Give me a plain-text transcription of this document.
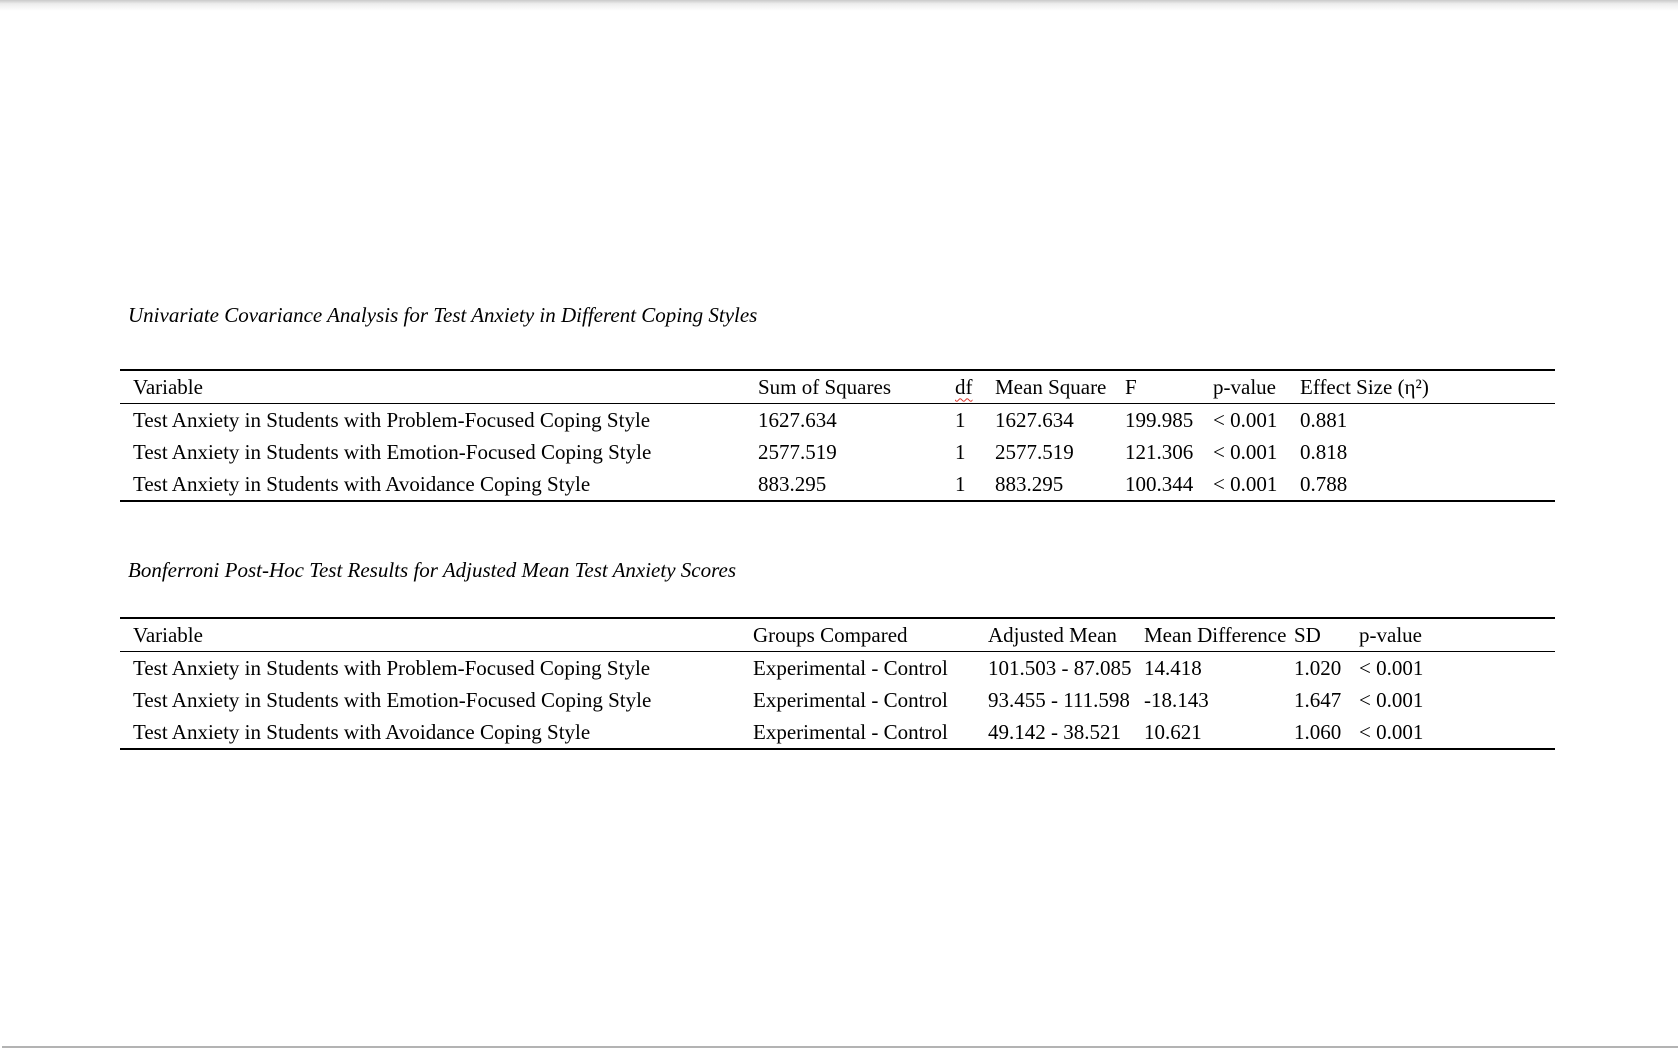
Univariate Covariance Analysis for Test Anxiety in Different Coping Styles
Variable	Sum of Squares	df	Mean Square	F	p-value	Effect Size (η²)
Test Anxiety in Students with Problem-Focused Coping Style	1627.634	1	1627.634	199.985	< 0.001	0.881
Test Anxiety in Students with Emotion-Focused Coping Style	2577.519	1	2577.519	121.306	< 0.001	0.818
Test Anxiety in Students with Avoidance Coping Style	883.295	1	883.295	100.344	< 0.001	0.788
Bonferroni Post-Hoc Test Results for Adjusted Mean Test Anxiety Scores
Variable	Groups Compared	Adjusted Mean	Mean Difference	SD	p-value
Test Anxiety in Students with Problem-Focused Coping Style	Experimental - Control	101.503 - 87.085	14.418	1.020	< 0.001
Test Anxiety in Students with Emotion-Focused Coping Style	Experimental - Control	93.455 - 111.598	-18.143	1.647	< 0.001
Test Anxiety in Students with Avoidance Coping Style	Experimental - Control	49.142 - 38.521	10.621	1.060	< 0.001
